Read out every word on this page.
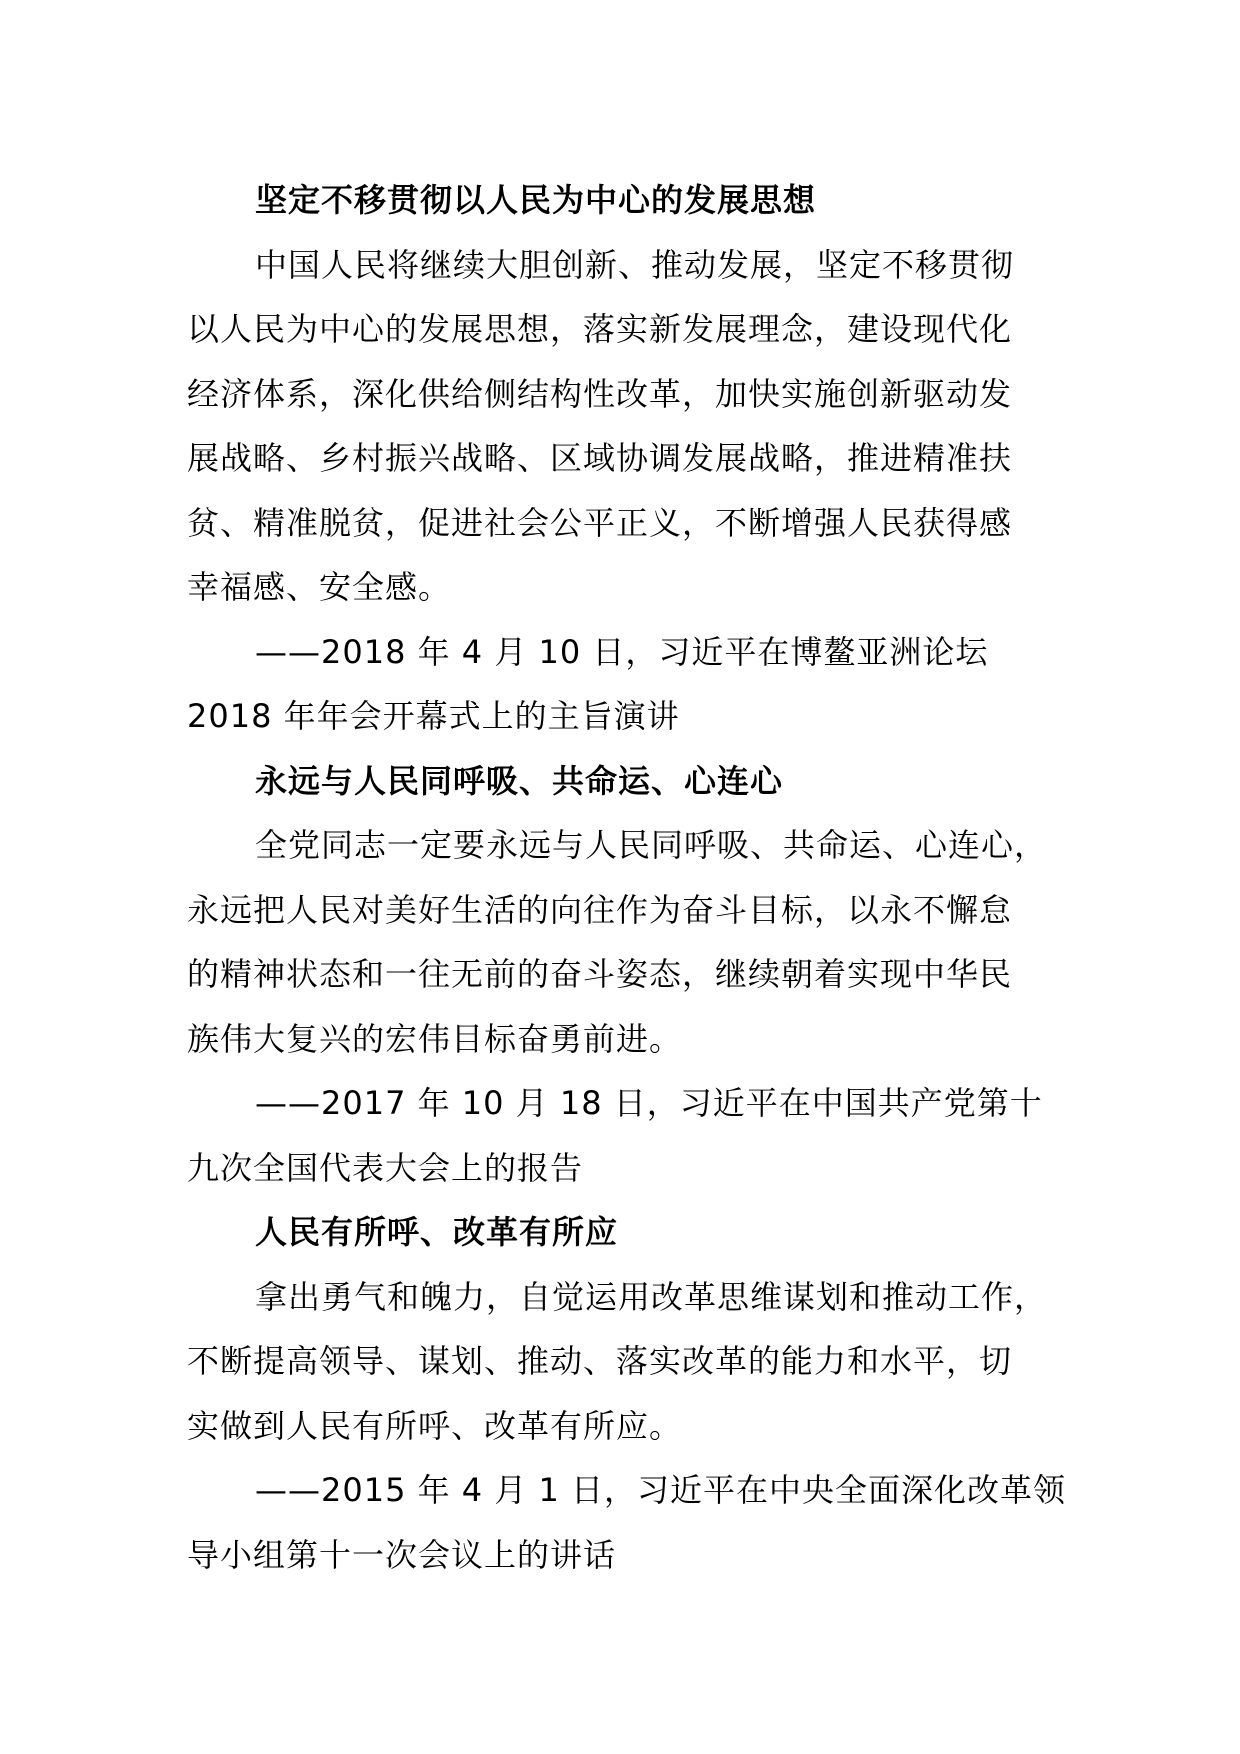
坚定不移贯彻以人民为中心的发展思想
中国人民将继续大胆创新、推动发展，坚定不移贯彻
以人民为中心的发展思想，落实新发展理念，建设现代化
经济体系，深化供给侧结构性改革，加快实施创新驱动发
展战略、乡村振兴战略、区域协调发展战略，推进精准扶
贫、精准脱贫，促进社会公平正义，不断增强人民获得感
幸福感、安全感。
——2018 年 4 月 10 日，习近平在博鳌亚洲论坛
2018 年年会开幕式上的主旨演讲
永远与人民同呼吸、共命运、心连心
全党同志一定要永远与人民同呼吸、共命运、心连心，
永远把人民对美好生活的向往作为奋斗目标，以永不懈怠
的精神状态和一往无前的奋斗姿态，继续朝着实现中华民
族伟大复兴的宏伟目标奋勇前进。
——2017 年 10 月 18 日，习近平在中国共产党第十
九次全国代表大会上的报告
人民有所呼、改革有所应
拿出勇气和魄力，自觉运用改革思维谋划和推动工作，
不断提高领导、谋划、推动、落实改革的能力和水平，切
实做到人民有所呼、改革有所应。
——2015 年 4 月 1 日，习近平在中央全面深化改革领
导小组第十一次会议上的讲话
